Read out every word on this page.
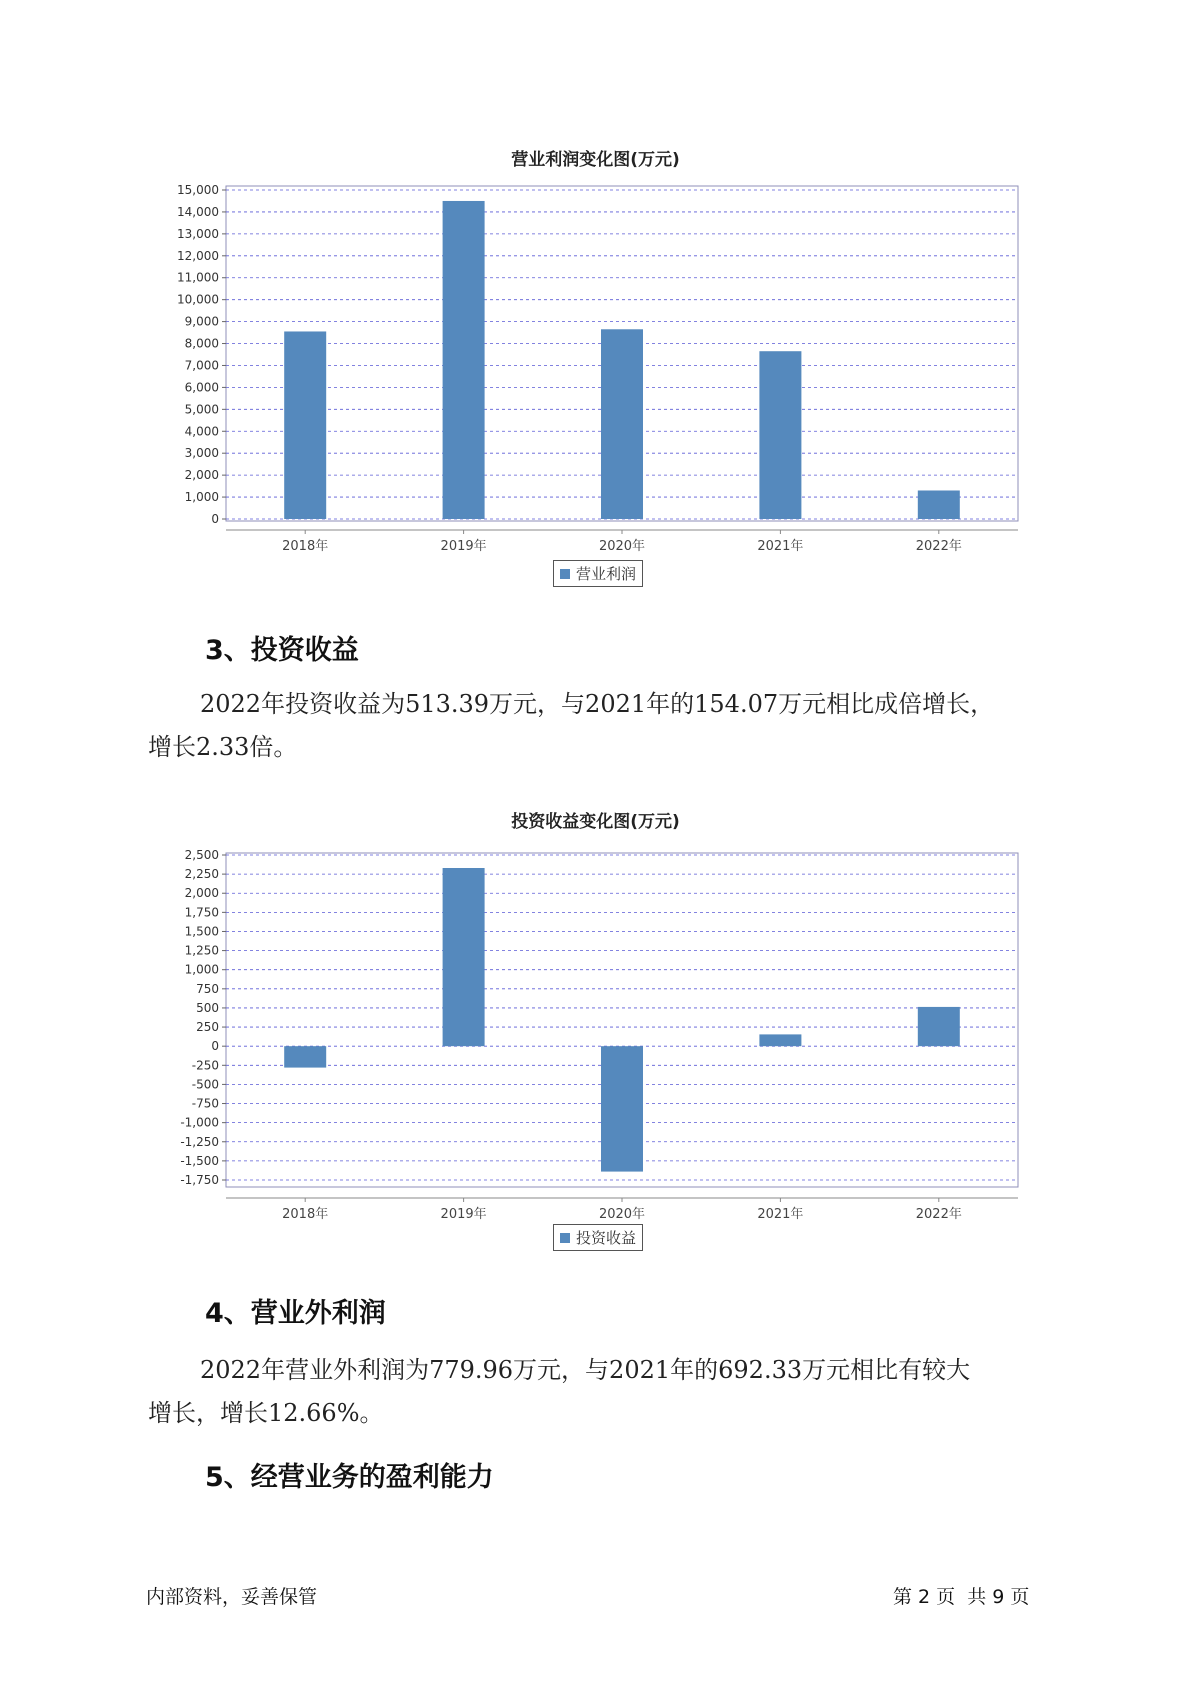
营业利润变化图(万元)
0
1,000
2,000
3,000
4,000
5,000
6,000
7,000
8,000
9,000
10,000
11,000
12,000
13,000
14,000
15,000
2018年	2019年	2020年	2021年	2022年
营业利润
3、投资收益
2022年投资收益为513.39万元，与2021年的154.07万元相比成倍增长，
增长2.33倍。
投资收益变化图(万元)
2,500
2,250
2,000
1,750
1,500
1,250
1,000
750
500
250
0
-250
-500
-750
-1,000
-1,250
-1,500
-1,750
2018年	2019年	2020年	2021年	2022年
投资收益
4、营业外利润
2022年营业外利润为779.96万元，与2021年的692.33万元相比有较大
增长，增长12.66%。
5、经营业务的盈利能力
内部资料，妥善保管	第 2 页  共 9 页
